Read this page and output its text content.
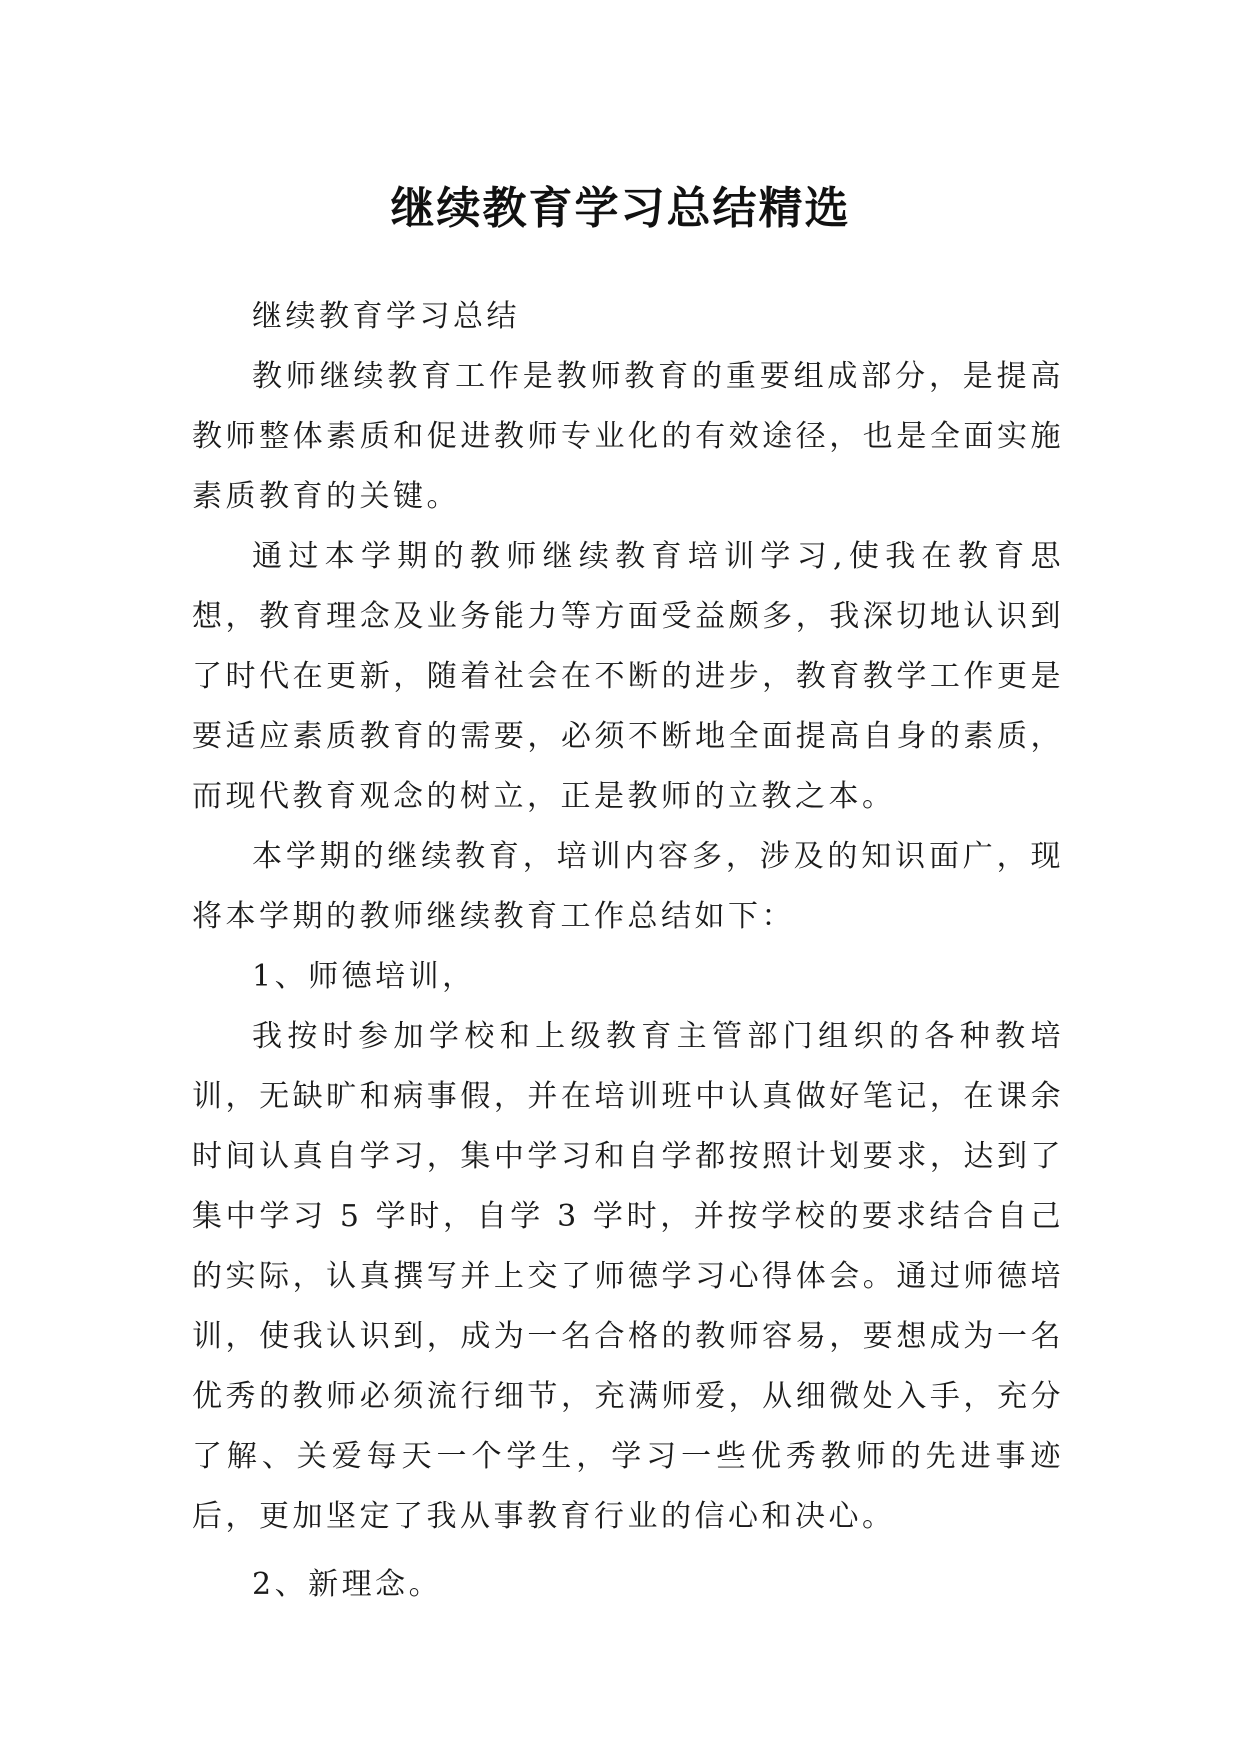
继续教育学习总结精选

继续教育学习总结

教师继续教育工作是教师教育的重要组成部分，是提高教师整体素质和促进教师专业化的有效途径，也是全面实施素质教育的关键。

通过本学期的教师继续教育培训学习,使我在教育思想，教育理念及业务能力等方面受益颇多，我深切地认识到了时代在更新，随着社会在不断的进步，教育教学工作更是要适应素质教育的需要，必须不断地全面提高自身的素质，而现代教育观念的树立，正是教师的立教之本。

本学期的继续教育，培训内容多，涉及的知识面广，现将本学期的教师继续教育工作总结如下：

1、师德培训，

我按时参加学校和上级教育主管部门组织的各种教培训，无缺旷和病事假，并在培训班中认真做好笔记，在课余时间认真自学习，集中学习和自学都按照计划要求，达到了集中学习 5 学时，自学 3 学时，并按学校的要求结合自己的实际，认真撰写并上交了师德学习心得体会。通过师德培训，使我认识到，成为一名合格的教师容易，要想成为一名优秀的教师必须流行细节，充满师爱，从细微处入手，充分了解、关爱每天一个学生，学习一些优秀教师的先进事迹后，更加坚定了我从事教育行业的信心和决心。

2、新理念。
